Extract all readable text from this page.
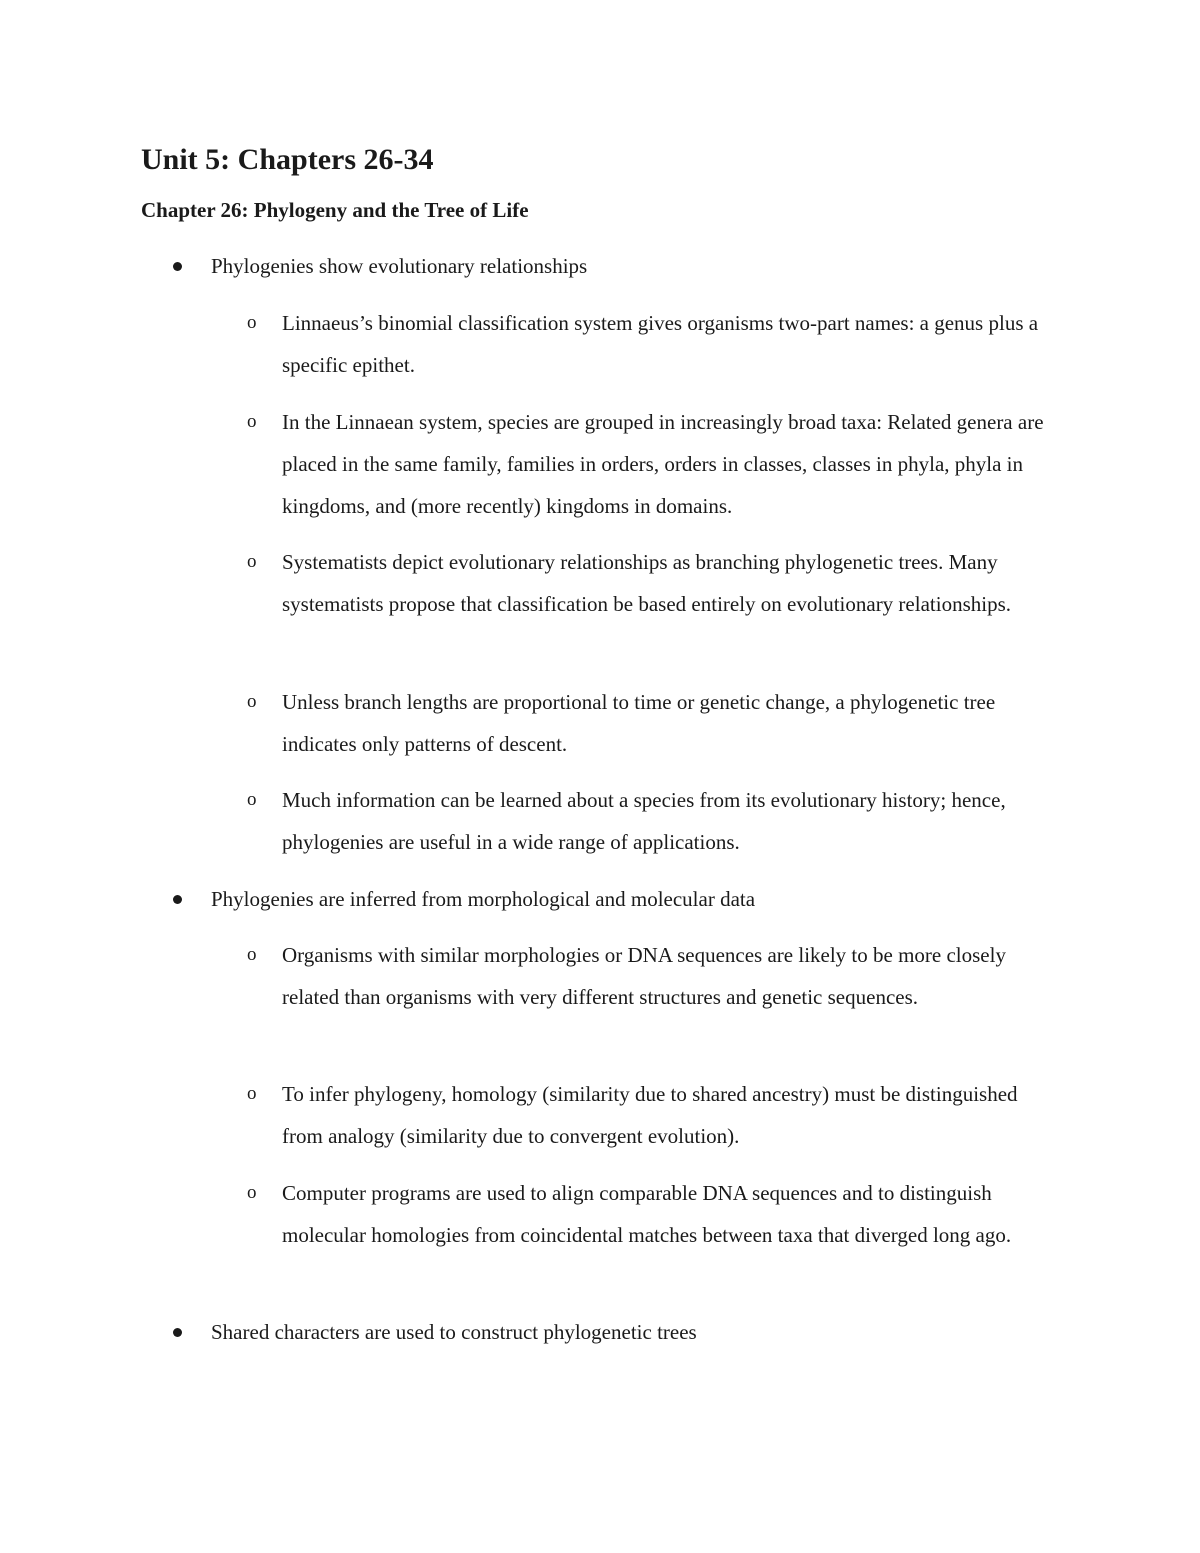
Unit 5: Chapters 26-34
Chapter 26: Phylogeny and the Tree of Life

Phylogenies show evolutionary relationships

o Linnaeus’s binomial classification system gives organisms two-part names: a genus plus a specific epithet.

o In the Linnaean system, species are grouped in increasingly broad taxa: Related genera are placed in the same family, families in orders, orders in classes, classes in phyla, phyla in kingdoms, and (more recently) kingdoms in domains.

o Systematists depict evolutionary relationships as branching phylogenetic trees. Many systematists propose that classification be based entirely on evolutionary relationships.

o Unless branch lengths are proportional to time or genetic change, a phylogenetic tree indicates only patterns of descent.

o Much information can be learned about a species from its evolutionary history; hence, phylogenies are useful in a wide range of applications.

Phylogenies are inferred from morphological and molecular data

o Organisms with similar morphologies or DNA sequences are likely to be more closely related than organisms with very different structures and genetic sequences.

o To infer phylogeny, homology (similarity due to shared ancestry) must be distinguished from analogy (similarity due to convergent evolution).

o Computer programs are used to align comparable DNA sequences and to distinguish molecular homologies from coincidental matches between taxa that diverged long ago.

Shared characters are used to construct phylogenetic trees
